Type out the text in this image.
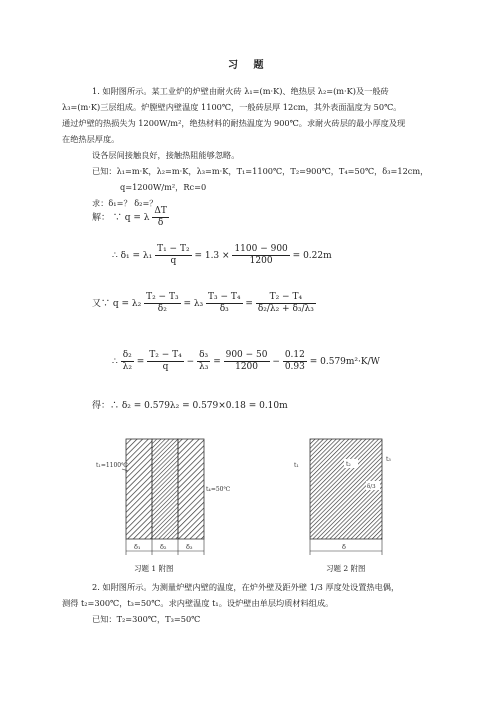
习 题
1. 如附图所示。某工业炉的炉壁由耐火砖 λ₁=(m·K)、绝热层 λ₂=(m·K)及一般砖
λ₃=(m·K)三层组成。炉膛壁内壁温度 1100℃，一般砖层厚 12cm，其外表面温度为 50℃。
通过炉壁的热损失为 1200W/m²，绝热材料的耐热温度为 900℃。求耐火砖层的最小厚度及现
在绝热层厚度。
设各层间接触良好，接触热阻能够忽略。
已知：λ₁=m·K，λ₂=m·K，λ₃=m·K，T₁=1100℃，T₂=900℃，T₄=50℃，δ₃=12cm，
q=1200W/m²，Rc=0
求：δ₁=？ δ₂=？
解： ∵ q = λ $\frac{\Delta T}{\delta}$
∴ $\delta_1 = \lambda_1 \frac{\text{T₁ − T₂}}{q} = 1.3 \times \frac{1100 - 900}{1200} = 0.22m$
又∵ $q = \lambda_2 \frac{\text{T₂ − T₃}}{\text{δ₂}} = \lambda_3 \frac{\text{T₃ − T₄}}{\text{δ₃}} = \frac{\text{T₂ − T₄}}{\text{δ₂/λ₂ + δ₃/λ₃}}$
∴ $\frac{\text{δ₂}}{\text{λ₂}} = \frac{\text{T₂ − T₄}}{q} - \frac{\text{δ₃}}{\text{λ₃}} = \frac{900 - 50}{1200} - \frac{0.12}{0.93} = 0.579m^2\cdot K/W$
得：∴ δ₂ = 0.579λ₂ = 0.579×0.18 = 0.10m
t₁=1100℃
t₄=50℃
δ₁	δ₂	δ₃
习题 1 附图
t₂
δ/3
t₁
t₃
δ
习题 2 附图
2. 如附图所示。为测量炉壁内壁的温度，在炉外壁及距外壁 1/3 厚度处设置热电偶，
测得 t₂=300℃，t₃=50℃。求内壁温度 t₁。设炉壁由单层均质材料组成。
已知：T₂=300℃，T₃=50℃
